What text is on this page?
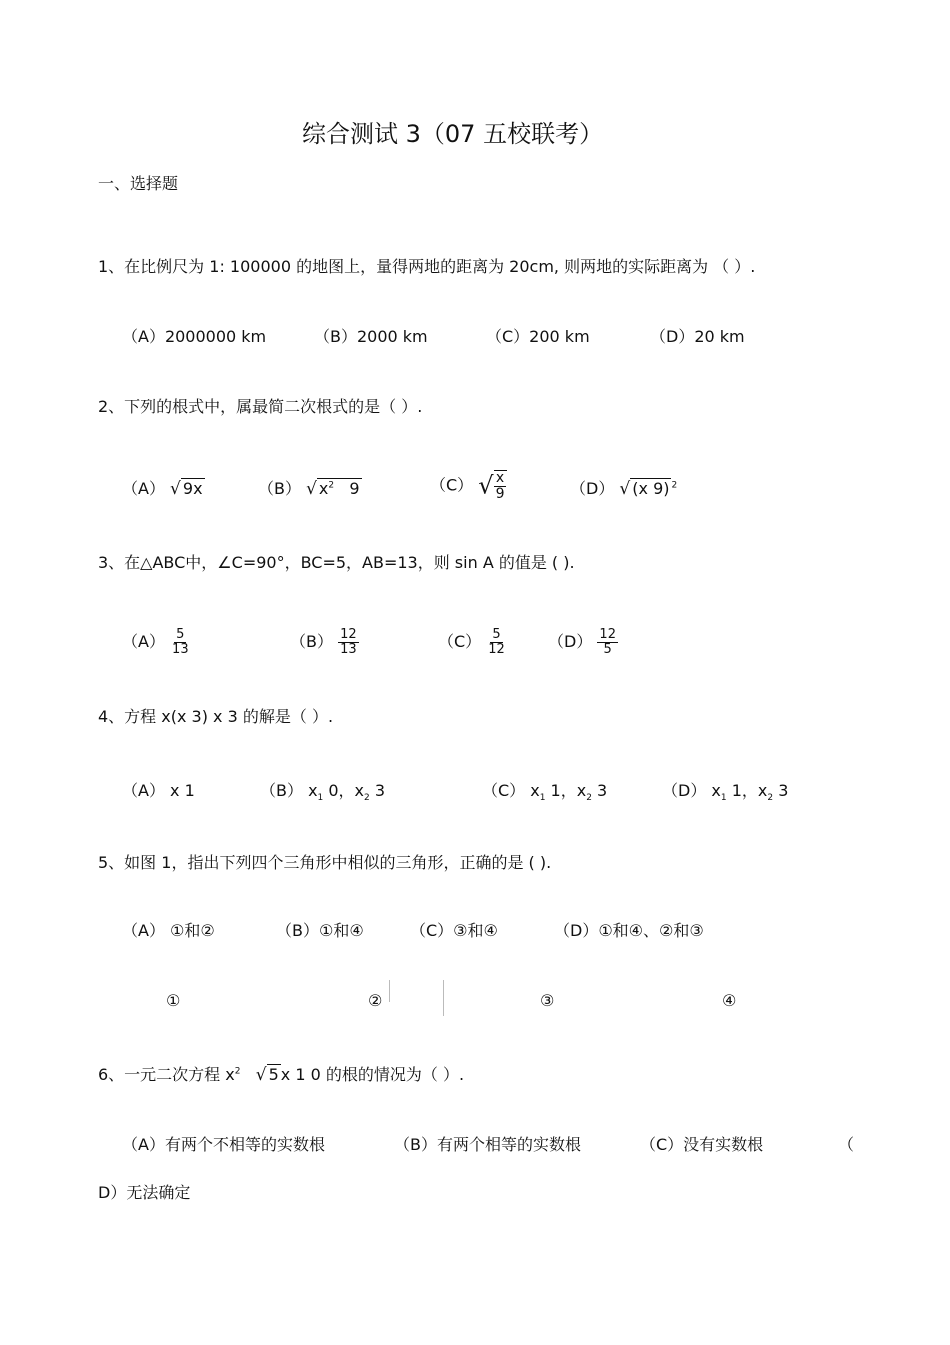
综合测试 3（07 五校联考）
一、选择题
1、在比例尺为 1: 100000 的地图上，量得两地的距离为 20cm, 则两地的实际距离为 （ ）.
（A）2000000 km	（B）2000 km	（C）200 km	（D）20 km
2、下列的根式中，属最简二次根式的是（ ）.
（A） √ 9x	（B） √ $x^2$ 9	（C） √ $\frac{x}{9}$	（D） √ (x 9) $^2$
3、在△ABC中，∠C=90°，BC=5，AB=13，则 sin A 的值是 ( ).
$(A) \frac{5}{13}$	$(B) \frac{12}{13}$	$(C) \frac{5}{12}$	$(D) \frac{12}{5}$
4、方程 x(x 3) x 3 的解是（ ）.
（A） x 1	（B） $x_1$ 0，$x_2$ 3	（C） $x_1$ 1，$x_2$ 3	（D） $x_1$ 1，$x_2$ 3
5、如图 1，指出下列四个三角形中相似的三角形，正确的是 ( ).
（A） ①和②	（B）①和④	（C）③和④	（D）①和④、②和③
①	②	③	④
6、一元二次方程 $x^2$ √ 5 x 1 0 的根的情况为（ ）.
（A）有两个不相等的实数根	（B）有两个相等的实数根	（C）没有实数根	（
D）无法确定
